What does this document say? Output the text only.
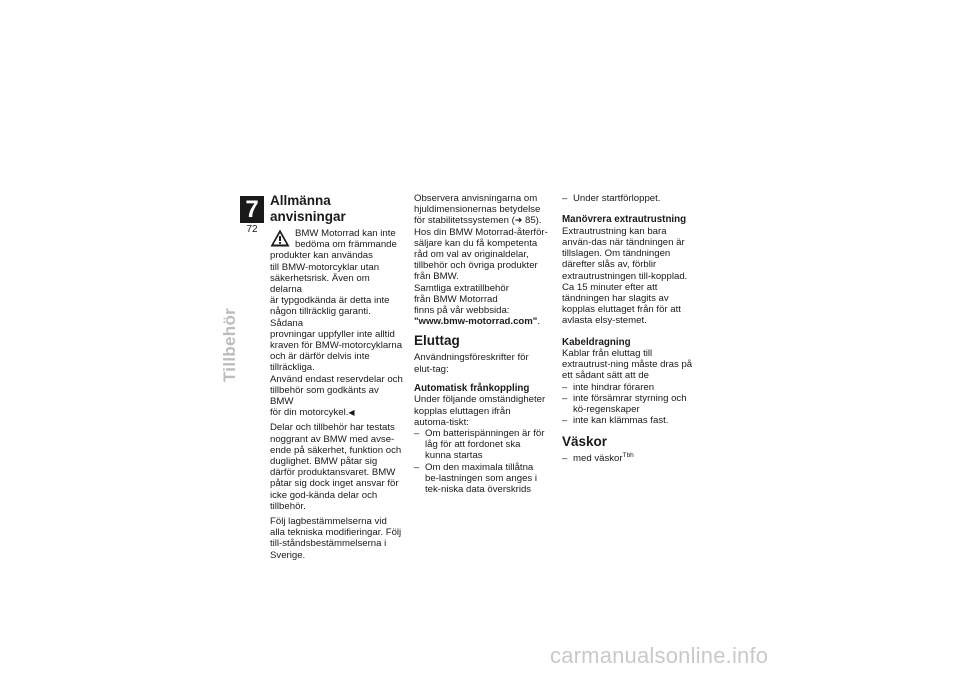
7
72
Tillbehör
Allmänna anvisningar
BMW Motorrad kan inte
bedöma om främmande
produkter kan användas
till BMW-motorcyklar utan
säkerhetsrisk. Även om delarna
är typgodkända är detta inte
någon tillräcklig garanti. Sådana
provningar uppfyller inte alltid
kraven för BMW-motorcyklarna
och är därför delvis inte
tillräckliga.
Använd endast reservdelar och
tillbehör som godkänts av BMW
för din motorcykel.◀

Delar och tillbehör har testats noggrant av BMW med avse-ende på säkerhet, funktion och duglighet. BMW påtar sig därför produktansvaret. BMW påtar sig dock inget ansvar för icke god-kända delar och tillbehör.

Följ lagbestämmelserna vid alla tekniska modifieringar. Följ till-ståndsbestämmelserna i Sverige.

Observera anvisningarna om hjuldimensionernas betydelse för stabilitetssystemen (➜ 85).

Hos din BMW Motorrad-återför-säljare kan du få kompetenta råd om val av originaldelar, tillbehör och övriga produkter från BMW.

Samtliga extratillbehör
från BMW Motorrad
finns på vår webbsida:
"www.bmw-motorrad.com".

Eluttag

Användningsföreskrifter för elut-tag:

Automatisk frånkoppling

Under följande omständigheter kopplas eluttagen ifrån automa-tiskt:

– Om batterispänningen är för låg för att fordonet ska kunna startas
– Om den maximala tillåtna be-lastningen som anges i tek-niska data överskrids
– Under startförloppet.
Manövrera extrautrustning

Extrautrustning kan bara använ-das när tändningen är tillslagen. Om tändningen därefter slås av, förblir extrautrustningen till-kopplad. Ca 15 minuter efter att tändningen har slagits av kopplas eluttaget från för att avlasta elsy-stemet.

Kabeldragning

Kablar från eluttag till extrautrust-ning måste dras på ett sådant sätt att de

– inte hindrar föraren
– inte försämrar styrning och kö-regenskaper
– inte kan klämmas fast.
Väskor
– med väskor$^{Tbh}$
carmanualsonline.info
